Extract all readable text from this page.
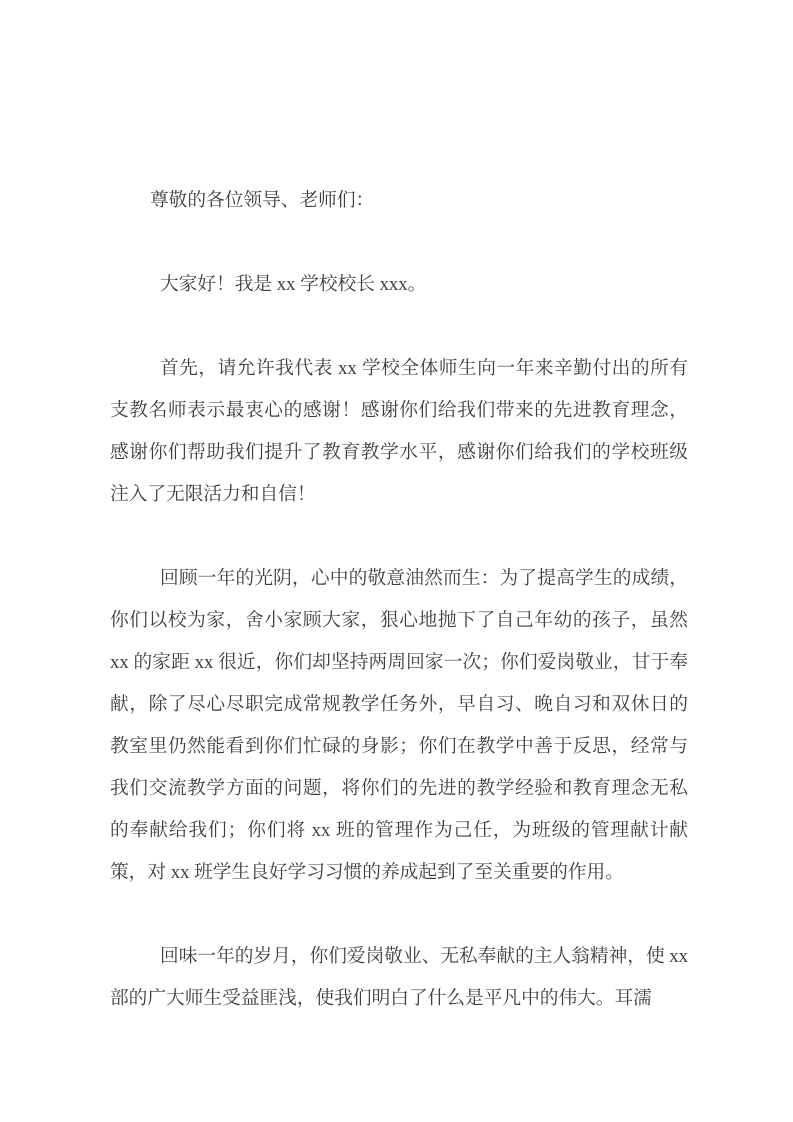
尊敬的各位领导、老师们：

大家好！我是 xx 学校校长 xxx。

首先，请允许我代表 xx 学校全体师生向一年来辛勤付出的所有支教名师表示最衷心的感谢！感谢你们给我们带来的先进教育理念，感谢你们帮助我们提升了教育教学水平，感谢你们给我们的学校班级注入了无限活力和自信！

回顾一年的光阴，心中的敬意油然而生：为了提高学生的成绩，你们以校为家，舍小家顾大家，狠心地抛下了自己年幼的孩子，虽然 xx 的家距 xx 很近，你们却坚持两周回家一次；你们爱岗敬业，甘于奉献，除了尽心尽职完成常规教学任务外，早自习、晚自习和双休日的教室里仍然能看到你们忙碌的身影；你们在教学中善于反思，经常与我们交流教学方面的问题，将你们的先进的教学经验和教育理念无私的奉献给我们；你们将 xx 班的管理作为己任，为班级的管理献计献策，对 xx 班学生良好学习习惯的养成起到了至关重要的作用。

回味一年的岁月，你们爱岗敬业、无私奉献的主人翁精神，使 xx 部的广大师生受益匪浅，使我们明白了什么是平凡中的伟大。耳濡
